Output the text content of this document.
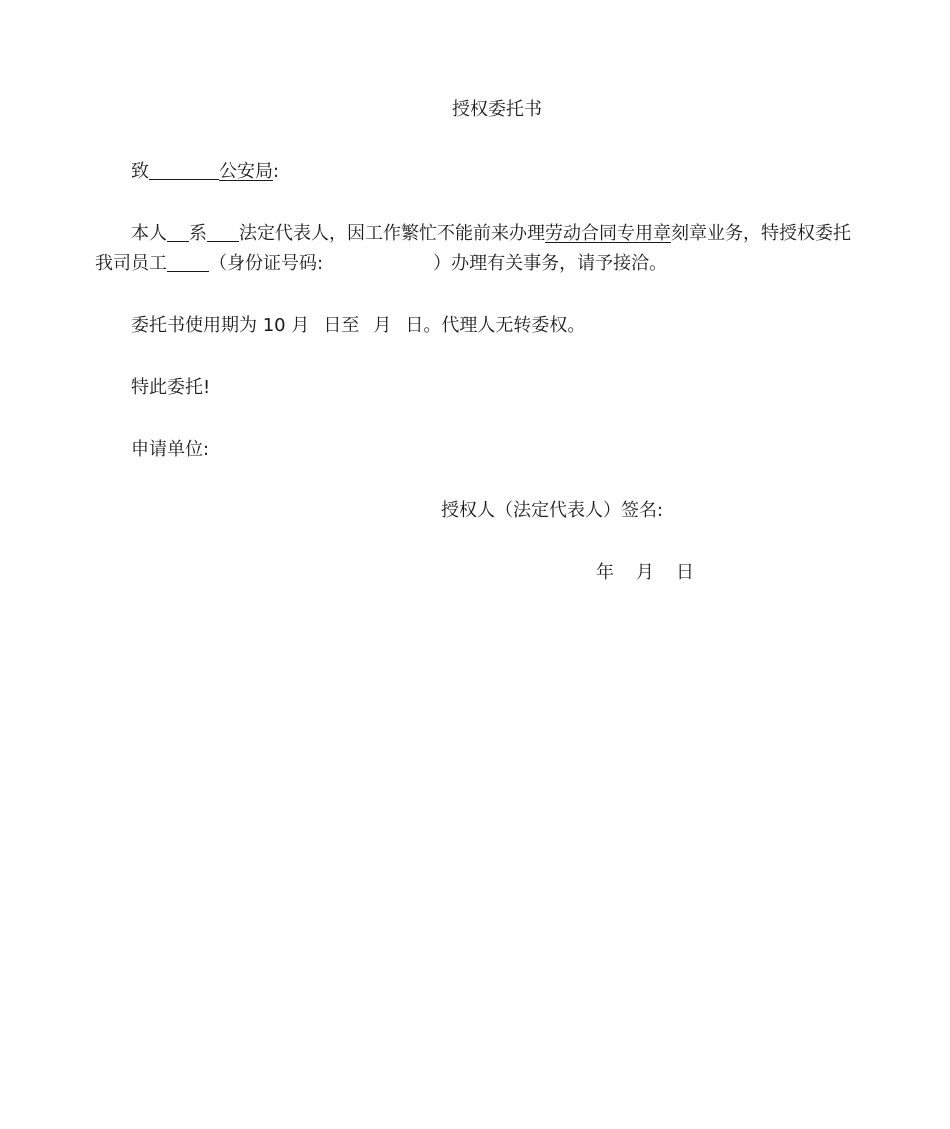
授权委托书
致	公安局:
本人 系 法定代表人，因工作繁忙不能前来办理劳动合同专用章刻章业务，特授权委托
我司员工 （身份证号码:	）办理有关事务，请予接洽。
委托书使用期为 10 月 日至 月 日。代理人无转委权。
特此委托!
申请单位:
授权人（法定代表人）签名:
年 月 日
